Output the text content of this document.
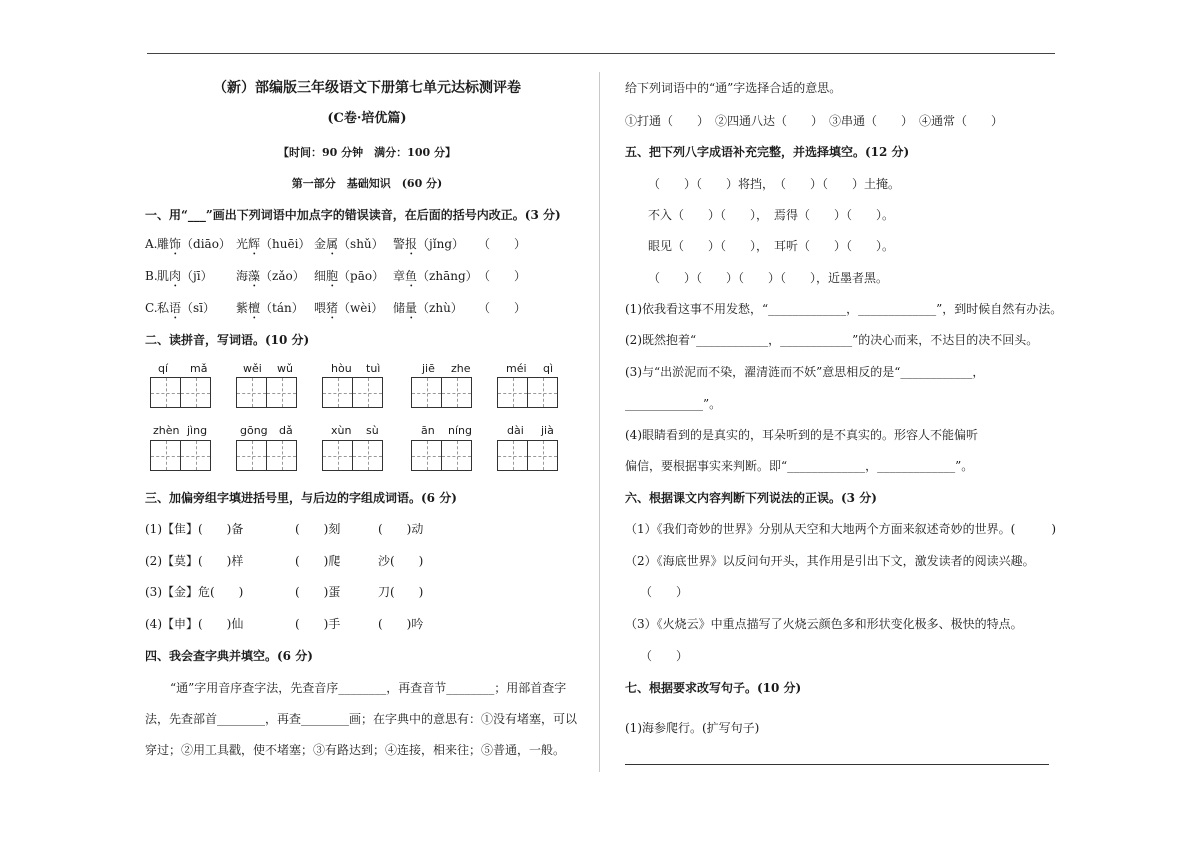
（新）部编版三年级语文下册第七单元达标测评卷
(C卷·培优篇)
【时间：90 分钟　满分：100 分】
第一部分　基础知识　(60 分)
一、用“___”画出下列词语中加点字的错误读音，在后面的括号内改正。(3 分)
A. 雕饰（diāo） 光辉（huēi） 金属（shǔ） 警报（jǐng） （　　）
B. 肌肉（jī） 海藻（zǎo） 细胞（pāo） 章鱼（zhāng） （　　）
C. 私语（sī） 紫檀（tán） 喂猪（wèi） 储量（zhù） （　　）
二、读拼音，写词语。(10 分)
qí mǎ	wěi wǔ	hòu tuì	jiē zhe	méi qì
zhèn jìng	gōng dǎ	xùn sù	ān níng	dài jià
三、加偏旁组字填进括号里，与后边的字组成词语。(6 分)
(1)【隹】(　　)备	(　　)刻	(　　)动
(2)【莫】(　　)样	(　　)爬	沙(　　)
(3)【金】危(　　)	(　　)蛋	刀(　　)
(4)【申】(　　)仙	(　　)手	(　　)吟
四、我会查字典并填空。(6 分)
“通”字用音序查字法，先查音序________，再查音节________；用部首查字
法，先查部首________，再查________画；在字典中的意思有：①没有堵塞，可以
穿过；②用工具戳，使不堵塞；③有路达到；④连接，相来往；⑤普通，一般。
给下列词语中的“通”字选择合适的意思。
①打通（　　）　②四通八达（　　）　③串通（　　）　④通常（　　）
五、把下列八字成语补充完整，并选择填空。(12 分)
（　　）（　　）将挡，　（　　）（　　）土掩。
不入（　　）（　　），　焉得（　　）（　　）。
眼见（　　）（　　），　耳听（　　）（　　）。
（　　）（　　）（　　）（　　），近墨者黑。
(1)依我看这事不用发愁，“_____________，_____________”，到时候自然有办法。
(2)既然抱着“____________，____________”的决心而来，不达目的决不回头。
(3)与“出淤泥而不染，濯清涟而不妖”意思相反的是“____________，
_____________”。
(4)眼睛看到的是真实的，耳朵听到的是不真实的。形容人不能偏听
偏信，要根据事实来判断。即“_____________，_____________”。
六、根据课文内容判断下列说法的正误。(3 分)
（1）《我们奇妙的世界》分别从天空和大地两个方面来叙述奇妙的世界。(　　　)
（2）《海底世界》以反问句开头，其作用是引出下文，激发读者的阅读兴趣。
（　　）
（3）《火烧云》中重点描写了火烧云颜色多和形状变化极多、极快的特点。
（　　）
七、根据要求改写句子。(10 分)
(1)海参爬行。(扩写句子)
